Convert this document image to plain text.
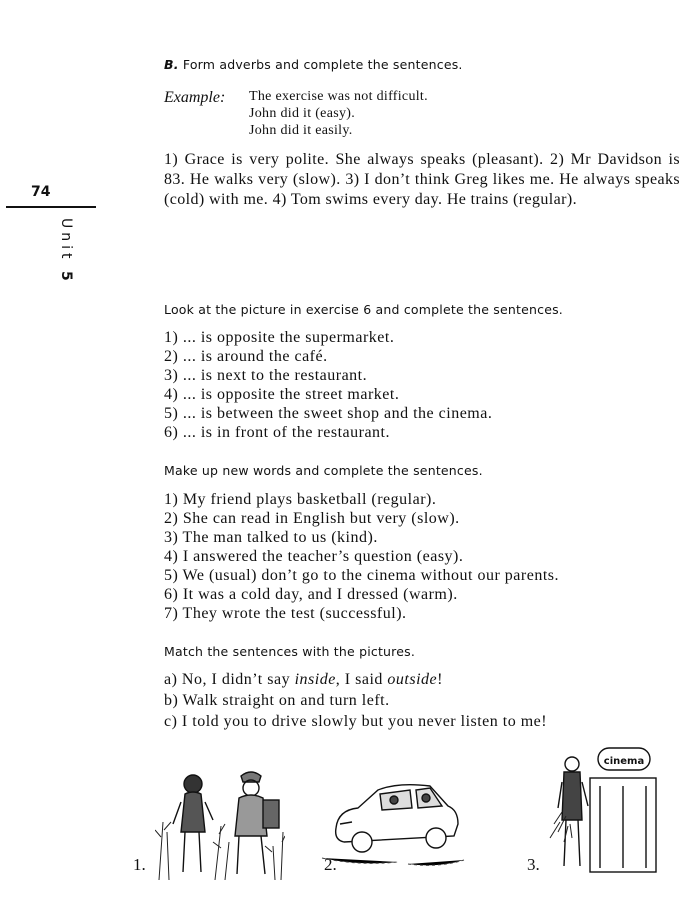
74
Unit 5
B. Form adverbs and complete the sentences.
Example: The exercise was not difficult.
John did it (easy).
John did it easily.
1) Grace is very polite. She always speaks (pleasant). 2) Mr Davidson is 83. He walks very (slow). 3) I don’t think Greg likes me. He always speaks (cold) with me. 4) Tom swims every day. He trains (regular).
Look at the picture in exercise 6 and complete the sentences.
1) ... is opposite the supermarket.
2) ... is around the café.
3) ... is next to the restaurant.
4) ... is opposite the street market.
5) ... is between the sweet shop and the cinema.
6) ... is in front of the restaurant.
Make up new words and complete the sentences.
1) My friend plays basketball (regular).
2) She can read in English but very (slow).
3) The man talked to us (kind).
4) I answered the teacher’s question (easy).
5) We (usual) don’t go to the cinema without our parents.
6) It was a cold day, and I dressed (warm).
7) They wrote the test (successful).
Match the sentences with the pictures.
a) No, I didn’t say inside, I said outside!
b) Walk straight on and turn left.
c) I told you to drive slowly but you never listen to me!
1.	2.	3.
cinema
